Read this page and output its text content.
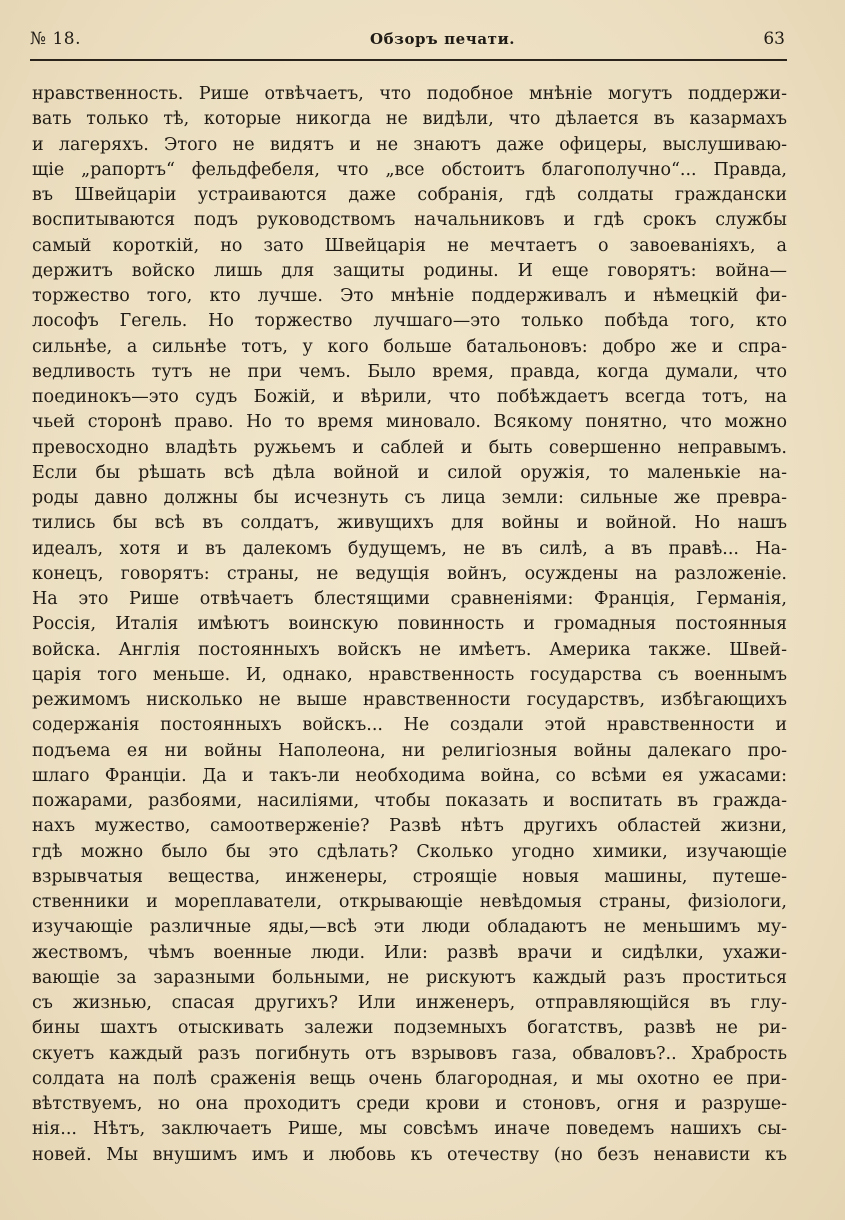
№ 18.	Обзоръ печати.	63
нравственность. Рише отвѣчаетъ, что подобное мнѣніе могутъ поддержи-
вать только тѣ, которые никогда не видѣли, что дѣлается въ казармахъ
и лагеряхъ. Этого не видятъ и не знаютъ даже офицеры, выслушиваю-
щіе „рапортъ“ фельдфебеля, что „все обстоитъ благополучно“... Правда,
въ Швейцаріи устраиваются даже собранія, гдѣ солдаты граждански
воспитываются подъ руководствомъ начальниковъ и гдѣ срокъ службы
самый короткій, но зато Швейцарія не мечтаетъ о завоеваніяхъ, а
держитъ войско лишь для защиты родины. И еще говорятъ: война—
торжество того, кто лучше. Это мнѣніе поддерживалъ и нѣмецкій фи-
лософъ Гегель. Но торжество лучшаго—это только побѣда того, кто
сильнѣе, а сильнѣе тотъ, у кого больше батальоновъ: добро же и спра-
ведливость тутъ не при чемъ. Было время, правда, когда думали, что
поединокъ—это судъ Божій, и вѣрили, что побѣждаетъ всегда тотъ, на
чьей сторонѣ право. Но то время миновало. Всякому понятно, что можно
превосходно владѣть ружьемъ и саблей и быть совершенно неправымъ.
Если бы рѣшать всѣ дѣла войной и силой оружія, то маленькіе на-
роды давно должны бы исчезнуть съ лица земли: сильные же превра-
тились бы всѣ въ солдатъ, живущихъ для войны и войной. Но нашъ
идеалъ, хотя и въ далекомъ будущемъ, не въ силѣ, а въ правѣ... На-
конецъ, говорятъ: страны, не ведущія войнъ, осуждены на разложеніе.
На это Рише отвѣчаетъ блестящими сравненіями: Франція, Германія,
Россія, Италія имѣютъ воинскую повинность и громадныя постоянныя
войска. Англія постоянныхъ войскъ не имѣетъ. Америка также. Швей-
царія того меньше. И, однако, нравственность государства съ военнымъ
режимомъ нисколько не выше нравственности государствъ, избѣгающихъ
содержанія постоянныхъ войскъ... Не создали этой нравственности и
подъема ея ни войны Наполеона, ни религіозныя войны далекаго про-
шлаго Франціи. Да и такъ-ли необходима война, со всѣми ея ужасами:
пожарами, разбоями, насиліями, чтобы показать и воспитать въ гражда-
нахъ мужество, самоотверженіе? Развѣ нѣтъ другихъ областей жизни,
гдѣ можно было бы это сдѣлать? Сколько угодно химики, изучающіе
взрывчатыя вещества, инженеры, строящіе новыя машины, путеше-
ственники и мореплаватели, открывающіе невѣдомыя страны, физіологи,
изучающіе различные яды,—всѣ эти люди обладаютъ не меньшимъ му-
жествомъ, чѣмъ военные люди. Или: развѣ врачи и сидѣлки, ухажи-
вающіе за заразными больными, не рискуютъ каждый разъ проститься
съ жизнью, спасая другихъ? Или инженеръ, отправляющійся въ глу-
бины шахтъ отыскивать залежи подземныхъ богатствъ, развѣ не ри-
скуетъ каждый разъ погибнуть отъ взрывовъ газа, обваловъ?.. Храбрость
солдата на полѣ сраженія вещь очень благородная, и мы охотно ее при-
вѣтствуемъ, но она проходитъ среди крови и стоновъ, огня и разруше-
нія... Нѣтъ, заключаетъ Рише, мы совсѣмъ иначе поведемъ нашихъ сы-
новей. Мы внушимъ имъ и любовь къ отечеству (но безъ ненависти къ
